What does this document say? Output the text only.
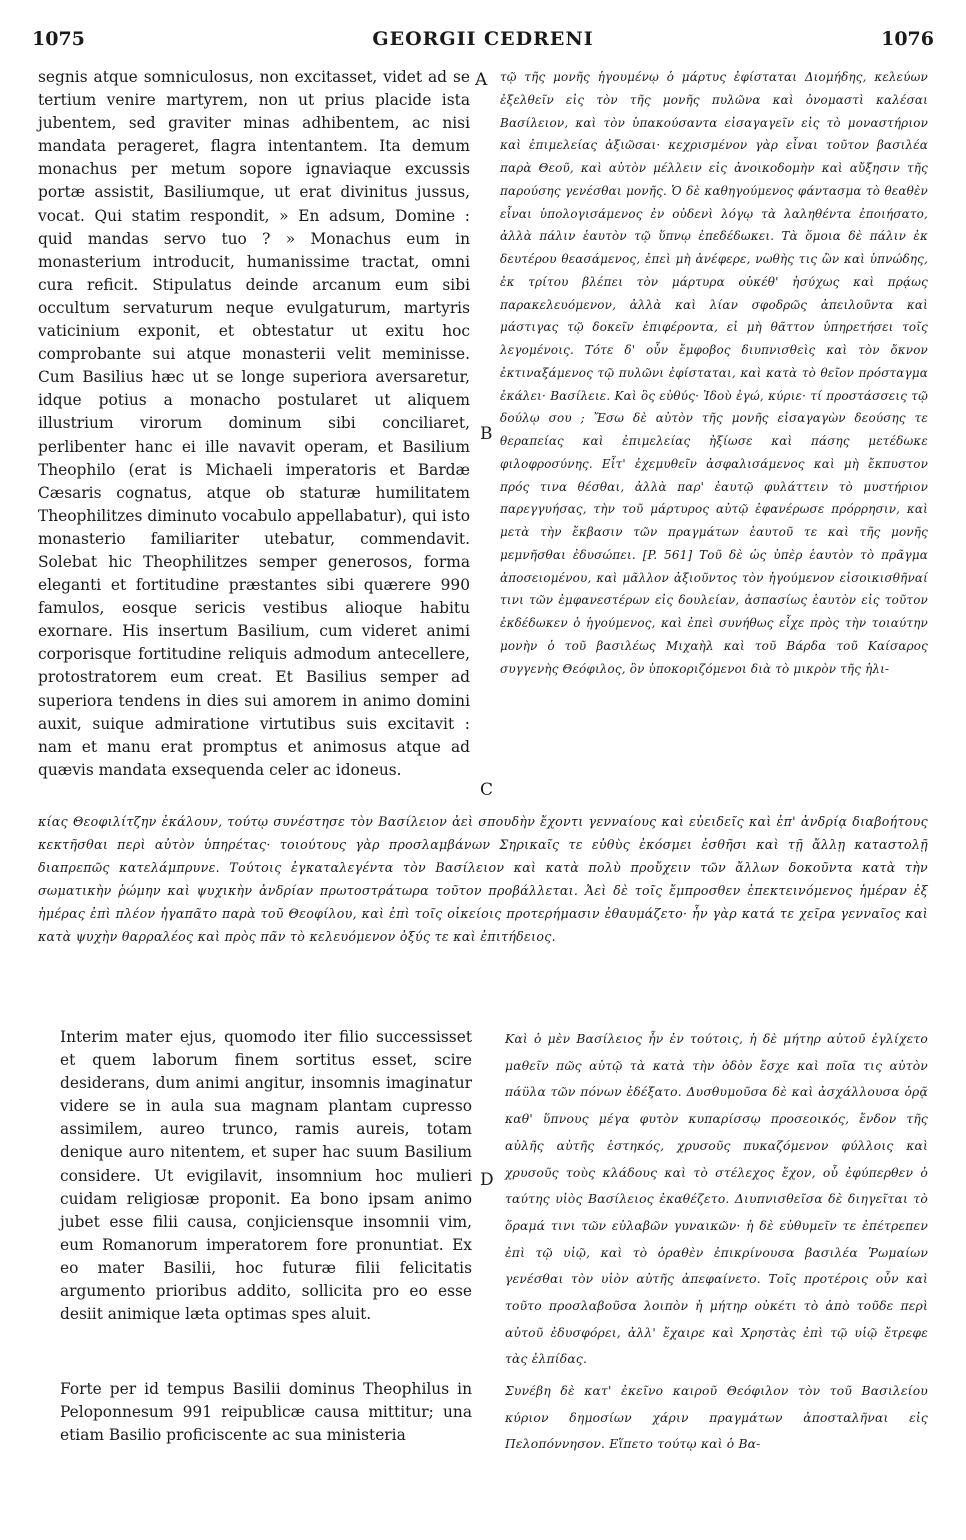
1075	GEORGII CEDRENI	1076
segnis atque somniculosus, non excitasset, videt ad se tertium venire martyrem, non ut prius placide ista jubentem, sed graviter minas adhibentem, ac nisi mandata perageret, flagra intentantem. Ita demum monachus per metum sopore ignaviaque excussis portæ assistit, Basiliumque, ut erat divinitus jussus, vocat. Qui statim respondit, » En adsum, Domine : quid mandas servo tuo ? » Monachus eum in monasterium introducit, humanissime tractat, omni cura reficit. Stipulatus deinde arcanum eum sibi occultum servaturum neque evulgaturum, martyris vaticinium exponit, et obtestatur ut exitu hoc comprobante sui atque monasterii velit meminisse. Cum Basilius hæc ut se longe superiora aversaretur, idque potius a monacho postularet ut aliquem illustrium virorum dominum sibi conciliaret, perlibenter hanc ei ille navavit operam, et Basilium Theophilo (erat is Michaeli imperatoris et Bardæ Cæsaris cognatus, atque ob staturæ humilitatem Theophilitzes diminuto vocabulo appellabatur), qui isto monasterio familiariter utebatur, commendavit. Solebat hic Theophilitzes semper generosos, forma eleganti et fortitudine præstantes sibi quærere 990 famulos, eosque sericis vestibus alioque habitu exornare. His insertum Basilium, cum videret animi corporisque fortitudine reliquis admodum antecellere, protostratorem eum creat. Et Basilius semper ad superiora tendens in dies sui amorem in animo domini auxit, suique admiratione virtutibus suis excitavit : nam et manu erat promptus et animosus atque ad quævis mandata exsequenda celer ac idoneus.
τῷ τῆς μονῆς ἡγουμένῳ ὁ μάρτυς ἐφίσταται Διομήδης, κελεύων ἐξελθεῖν εἰς τὸν τῆς μονῆς πυλῶνα καὶ ὀνομαστὶ καλέσαι Βασίλειον, καὶ τὸν ὑπακούσαντα εἰσαγαγεῖν εἰς τὸ μοναστήριον καὶ ἐπιμελείας ἀξιῶσαι· κεχρισμένον γὰρ εἶναι τοῦτον βασιλέα παρὰ Θεοῦ, καὶ αὐτὸν μέλλειν εἰς ἀνοικοδομὴν καὶ αὔξησιν τῆς παρούσης γενέσθαι μονῆς. Ὁ δὲ καθηγούμενος φάντασμα τὸ θεαθὲν εἶναι ὑπολογισάμενος ἐν οὐδενὶ λόγῳ τὰ λαληθέντα ἐποιήσατο, ἀλλὰ πάλιν ἑαυτὸν τῷ ὕπνῳ ἐπεδέδωκει. Τὰ ὅμοια δὲ πάλιν ἐκ δευτέρου θεασάμενος, ἐπεὶ μὴ ἀνέφερε, νωθὴς τις ὢν καὶ ὑπνώδης, ἐκ τρίτου βλέπει τὸν μάρτυρα οὐκέθ' ἡσύχως καὶ πρᾴως παρακελευόμενον, ἀλλὰ καὶ λίαν σφοδρῶς ἀπειλοῦντα καὶ μάστιγας τῷ δοκεῖν ἐπιφέροντα, εἰ μὴ θᾶττον ὑπηρετήσει τοῖς λεγομένοις. Τότε δ' οὖν ἔμφοβος διυπνισθεὶς καὶ τὸν ὄκνον ἐκτιναξάμενος τῷ πυλῶνι ἐφίσταται, καὶ κατὰ τὸ θεῖον πρόσταγμα ἐκάλει· Βασίλειε. Καὶ ὃς εὐθύς· Ἰδοὺ ἐγώ, κύριε· τί προστάσσεις τῷ δούλῳ σου ; Ἔσω δὲ αὐτὸν τῆς μονῆς εἰσαγαγὼν δεούσης τε θεραπείας καὶ ἐπιμελείας ἠξίωσε καὶ πάσης μετέδωκε φιλοφροσύνης. Εἶτ' ἐχεμυθεῖν ἀσφαλισάμενος καὶ μὴ ἔκπυστον πρός τινα θέσθαι, ἀλλὰ παρ' ἑαυτῷ φυλάττειν τὸ μυστήριον παρεγγυήσας, τὴν τοῦ μάρτυρος αὐτῷ ἐφανέρωσε πρόρρησιν, καὶ μετὰ τὴν ἔκβασιν τῶν πραγμάτων ἑαυτοῦ τε καὶ τῆς μονῆς μεμνῆσθαι ἐδυσώπει. [P. 561] Τοῦ δὲ ὡς ὑπὲρ ἑαυτὸν τὸ πρᾶγμα ἀποσειομένου, καὶ μᾶλλον ἀξιοῦντος τὸν ἡγούμενον εἰσοικισθῆναί τινι τῶν ἐμφανεστέρων εἰς δουλείαν, ἀσπασίως ἑαυτὸν εἰς τοῦτον ἐκδέδωκεν ὁ ἡγούμενος, καὶ ἐπεὶ συνήθως εἶχε πρὸς τὴν τοιαύτην μονὴν ὁ τοῦ βασιλέως Μιχαὴλ καὶ τοῦ Βάρδα τοῦ Καίσαρος συγγενὴς Θεόφιλος, ὃν ὑποκοριζόμενοι διὰ τὸ μικρὸν τῆς ἡλι-
A
B
C
D
κίας Θεοφιλίτζην ἐκάλουν, τούτῳ συνέστησε τὸν Βασίλειον ἀεὶ σπουδὴν ἔχοντι γενναίους καὶ εὐειδεῖς καὶ ἐπ' ἀνδρίᾳ διαβοήτους κεκτῆσθαι περὶ αὐτὸν ὑπηρέτας· τοιούτους γὰρ προσλαμβάνων Σηρικαῖς τε εὐθὺς ἐκόσμει ἐσθῆσι καὶ τῇ ἄλλῃ καταστολῇ διαπρεπῶς κατελάμπρυνε. Τούτοις ἐγκαταλεγέντα τὸν Βασίλειον καὶ κατὰ πολὺ προὔχειν τῶν ἄλλων δοκοῦντα κατὰ τὴν σωματικὴν ῥώμην καὶ ψυχικὴν ἀνδρίαν πρωτοστράτωρα τοῦτον προβάλλεται. Ἀεὶ δὲ τοῖς ἔμπροσθεν ἐπεκτεινόμενος ἡμέραν ἐξ ἡμέρας ἐπὶ πλέον ἠγαπᾶτο παρὰ τοῦ Θεοφίλου, καὶ ἐπὶ τοῖς οἰκείοις προτερήμασιν ἐθαυμάζετο· ἦν γὰρ κατά τε χεῖρα γενναῖος καὶ κατὰ ψυχὴν θαρραλέος καὶ πρὸς πᾶν τὸ κελευόμενον ὀξύς τε καὶ ἐπιτήδειος.
Interim mater ejus, quomodo iter filio successisset et quem laborum finem sortitus esset, scire desiderans, dum animi angitur, insomnis imaginatur videre se in aula sua magnam plantam cupresso assimilem, aureo trunco, ramis aureis, totam denique auro nitentem, et super hac suum Basilium considere. Ut evigilavit, insomnium hoc mulieri cuidam religiosæ proponit. Ea bono ipsam animo jubet esse filii causa, conjiciensque insomnii vim, eum Romanorum imperatorem fore pronuntiat. Ex eo mater Basilii, hoc futuræ filii felicitatis argumento prioribus addito, sollicita pro eo esse desiit animique læta optimas spes aluit.
Forte per id tempus Basilii dominus Theophilus in Peloponnesum 991 reipublicæ causa mittitur; una etiam Basilio proficiscente ac sua ministeria
Καὶ ὁ μὲν Βασίλειος ἦν ἐν τούτοις, ἡ δὲ μήτηρ αὐτοῦ ἐγλίχετο μαθεῖν πῶς αὐτῷ τὰ κατὰ τὴν ὁδὸν ἔσχε καὶ ποῖα τις αὐτὸν πάϋλα τῶν πόνων ἐδέξατο. Δυσθυμοῦσα δὲ καὶ ἀσχάλλουσα ὁρᾷ καθ' ὕπνους μέγα φυτὸν κυπαρίσσῳ προσεοικός, ἔνδον τῆς αὐλῆς αὐτῆς ἑστηκός, χρυσοῦς πυκαζόμενον φύλλοις καὶ χρυσοῦς τοὺς κλάδους καὶ τὸ στέλεχος ἔχον, οὗ ἐφύπερθεν ὁ ταύτης υἱὸς Βασίλειος ἐκαθέζετο. Διυπνισθεῖσα δὲ διηγεῖται τὸ ὅραμά τινι τῶν εὐλαβῶν γυναικῶν· ἡ δὲ εὐθυμεῖν τε ἐπέτρεπεν ἐπὶ τῷ υἱῷ, καὶ τὸ ὁραθὲν ἐπικρίνουσα βασιλέα Ῥωμαίων γενέσθαι τὸν υἱὸν αὐτῆς ἀπεφαίνετο. Τοῖς προτέροις οὖν καὶ τοῦτο προσλαβοῦσα λοιπὸν ἡ μήτηρ οὐκέτι τὸ ἀπὸ τοῦδε περὶ αὐτοῦ ἐδυσφόρει, ἀλλ' ἔχαιρε καὶ Χρηστὰς ἐπὶ τῷ υἱῷ ἔτρεφε τὰς ἐλπίδας.
Συνέβη δὲ κατ' ἐκεῖνο καιροῦ Θεόφιλον τὸν τοῦ Βασιλείου κύριον δημοσίων χάριν πραγμάτων ἀποσταλῆναι εἰς Πελοπόννησον. Εἵπετο τούτῳ καὶ ὁ Βα-
